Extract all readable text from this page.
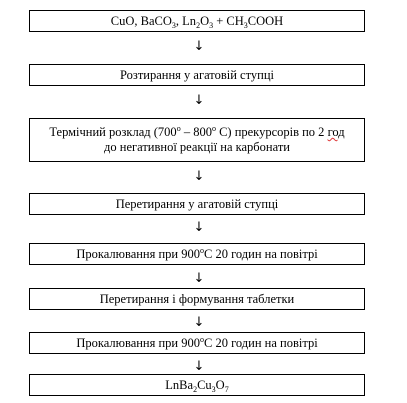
CuO, BaCO$_3$, $Ln_2O_3$ + $CH_3COOH$
↓
Розтирання у агатовій ступці
↓
Термічний розклад ($700^о - 800^о$ С) прекурсорів по 2 год
до негативної реакції на карбонати
↓
Перетирання у агатовій ступці
↓
Прокалювання при $900^оС$ 20 годин на повітрі
↓
Перетирання і формування таблетки
↓
Прокалювання при $900^оС$ 20 годин на повітрі
↓
$LnBa_2Cu_3O_7$
